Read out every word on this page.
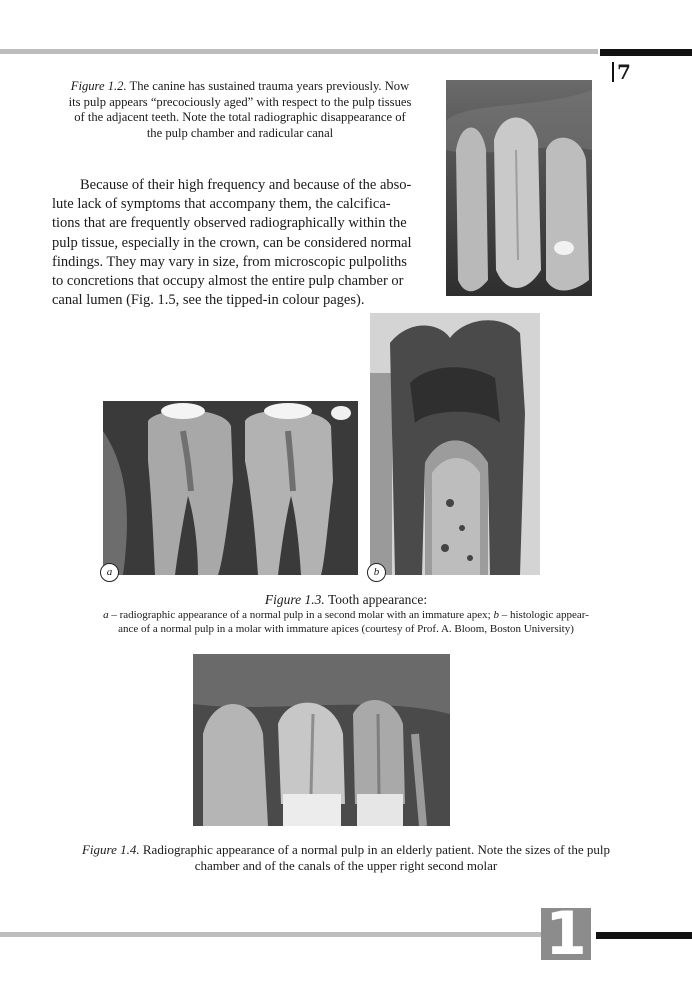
7
Figure 1.2. The canine has sustained trauma years previously. Now
its pulp appears “precociously aged” with respect to the pulp tissues
of the adjacent teeth. Note the total radiographic disappearance of
the pulp chamber and radicular canal
Because of their high frequency and because of the abso-
lute lack of symptoms that accompany them, the calcifica-
tions that are frequently observed radiographically within the
pulp tissue, especially in the crown, can be considered normal
findings. They may vary in size, from microscopic pulpoliths
to concretions that occupy almost the entire pulp chamber or
canal lumen (Fig. 1.5, see the tipped-in colour pages).
a	b
Figure 1.3. Tooth appearance:
a – radiographic appearance of a normal pulp in a second molar with an immature apex; b – histologic appear-
ance of a normal pulp in a molar with immature apices (courtesy of Prof. A. Bloom, Boston University)
Figure 1.4. Radiographic appearance of a normal pulp in an elderly patient. Note the sizes of the pulp
chamber and of the canals of the upper right second molar
1
